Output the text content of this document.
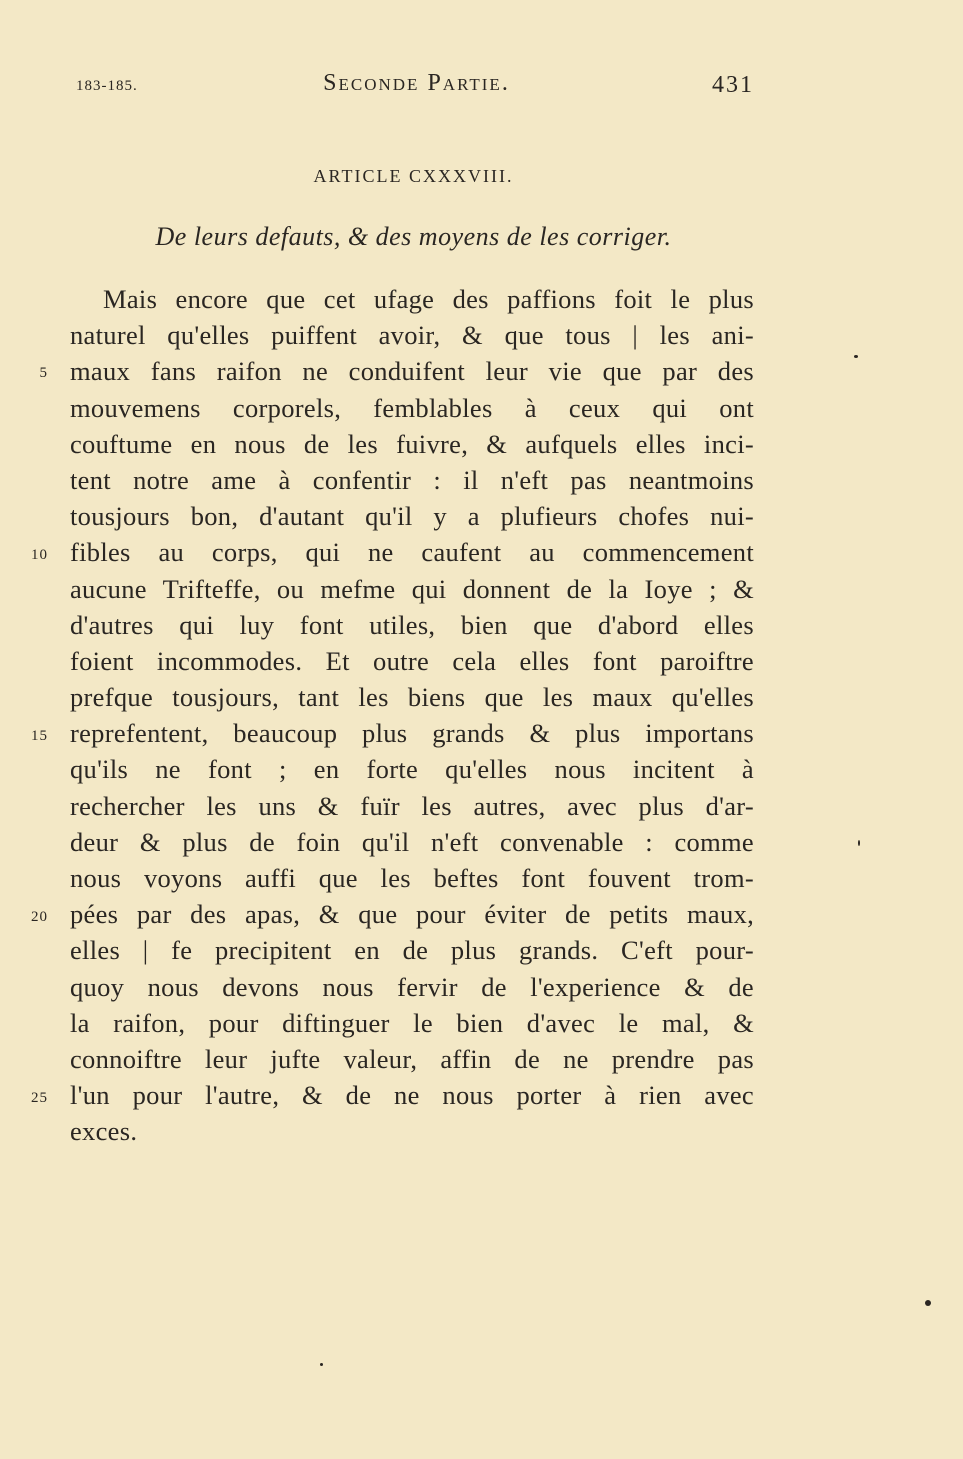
183-185.	Seconde Partie.	431
ARTICLE CXXXVIII.
De leurs defauts, & des moyens de les corriger.
Mais encore que cet ufage des paffions foit le plus
naturel qu'elles puiffent avoir, & que tous | les ani-
maux fans raifon ne conduifent leur vie que par des
mouvemens corporels, femblables à ceux qui ont
couftume en nous de les fuivre, & aufquels elles inci-
tent notre ame à confentir : il n'eft pas neantmoins
tousjours bon, d'autant qu'il y a plufieurs chofes nui-
fibles au corps, qui ne caufent au commencement
aucune Trifteffe, ou mefme qui donnent de la Ioye ; &
d'autres qui luy font utiles, bien que d'abord elles
foient incommodes. Et outre cela elles font paroiftre
prefque tousjours, tant les biens que les maux qu'elles
reprefentent, beaucoup plus grands & plus importans
qu'ils ne font ; en forte qu'elles nous incitent à
rechercher les uns & fuïr les autres, avec plus d'ar-
deur & plus de foin qu'il n'eft convenable : comme
nous voyons auffi que les beftes font fouvent trom-
pées par des apas, & que pour éviter de petits maux,
elles | fe precipitent en de plus grands. C'eft pour-
quoy nous devons nous fervir de l'experience & de
la raifon, pour diftinguer le bien d'avec le mal, &
connoiftre leur jufte valeur, affin de ne prendre pas
l'un pour l'autre, & de ne nous porter à rien avec
exces.
5
10
15
20
25
